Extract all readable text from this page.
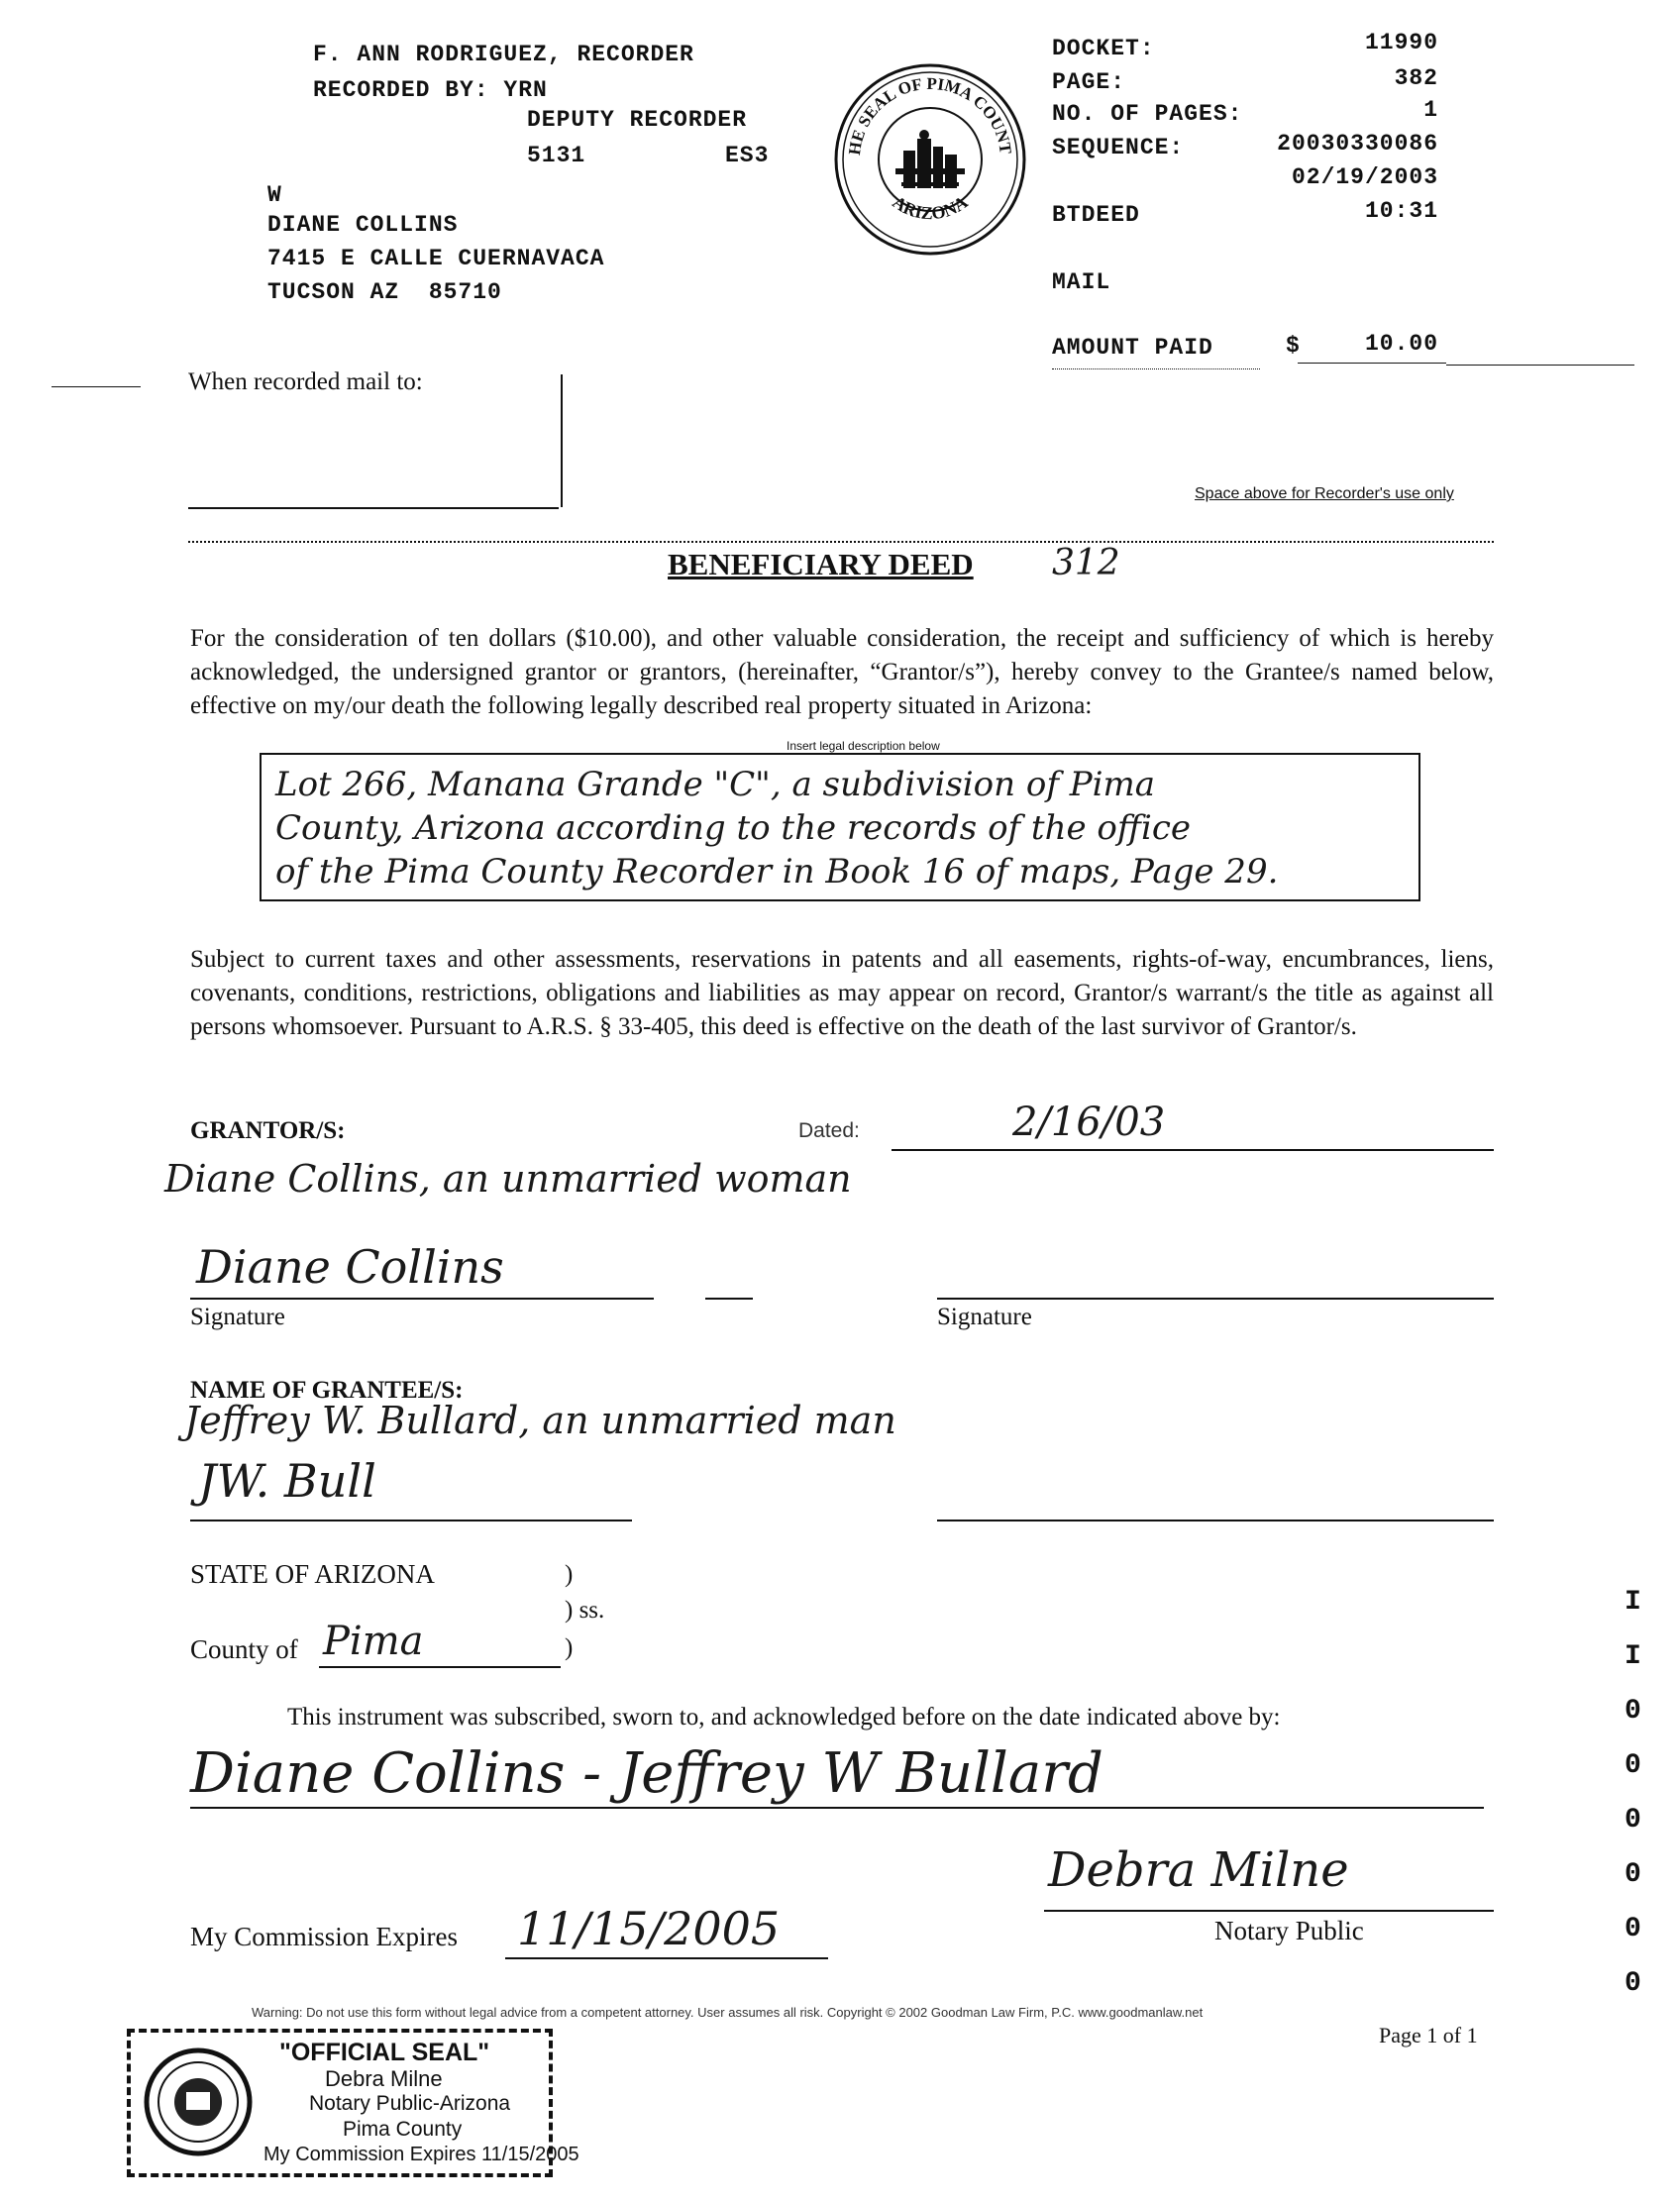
F. ANN RODRIGUEZ, RECORDER
RECORDED BY: YRN
DEPUTY RECORDER
5131	ES3
W
DIANE COLLINS
7415 E CALLE CUERNAVACA
TUCSON AZ  85710
HE SEAL OF PIMA COUNT
ARIZONA
DOCKET:	11990
PAGE:	382
NO. OF PAGES:	1
SEQUENCE:	20030330086
02/19/2003
BTDEED	10:31
MAIL
AMOUNT PAID	$	10.00
When recorded mail to:
Space above for Recorder's use only
BENEFICIARY DEED 312
For the consideration of ten dollars ($10.00), and other valuable consideration, the receipt and sufficiency of which is hereby acknowledged, the undersigned grantor or grantors, (hereinafter, “Grantor/s”), hereby convey to the Grantee/s named below, effective on my/our death the following legally described real property situated in Arizona:
Insert legal description below
Lot 266, Manana Grande "C", a subdivision of Pima
County, Arizona according to the records of the office
of the Pima County Recorder in Book 16 of maps, Page 29.
Subject to current taxes and other assessments, reservations in patents and all easements, rights-of-way, encumbrances, liens, covenants, conditions, restrictions, obligations and liabilities as may appear on record, Grantor/s warrant/s the title as against all persons whomsoever. Pursuant to A.R.S. § 33-405, this deed is effective on the death of the last survivor of Grantor/s.
GRANTOR/S:	Dated:	2/16/03
Diane Collins, an unmarried woman
Diane Collins
Signature	Signature
NAME OF GRANTEE/S:
Jeffrey W. Bullard, an unmarried man
JW. Bull
STATE OF ARIZONA	)
) ss.
County of Pima	)
This instrument was subscribed, sworn to, and acknowledged before on the date indicated above by:
Diane Collins - Jeffrey W Bullard
Debra Milne
Notary Public
My Commission Expires 11/15/2005
Warning: Do not use this form without legal advice from a competent attorney. User assumes all risk. Copyright © 2002 Goodman Law Firm, P.C. www.goodmanlaw.net
Page 1 of 1
"OFFICIAL SEAL"
Debra Milne
Notary Public-Arizona
Pima County
My Commission Expires 11/15/2005
I I 0 0 0 0 0 0
